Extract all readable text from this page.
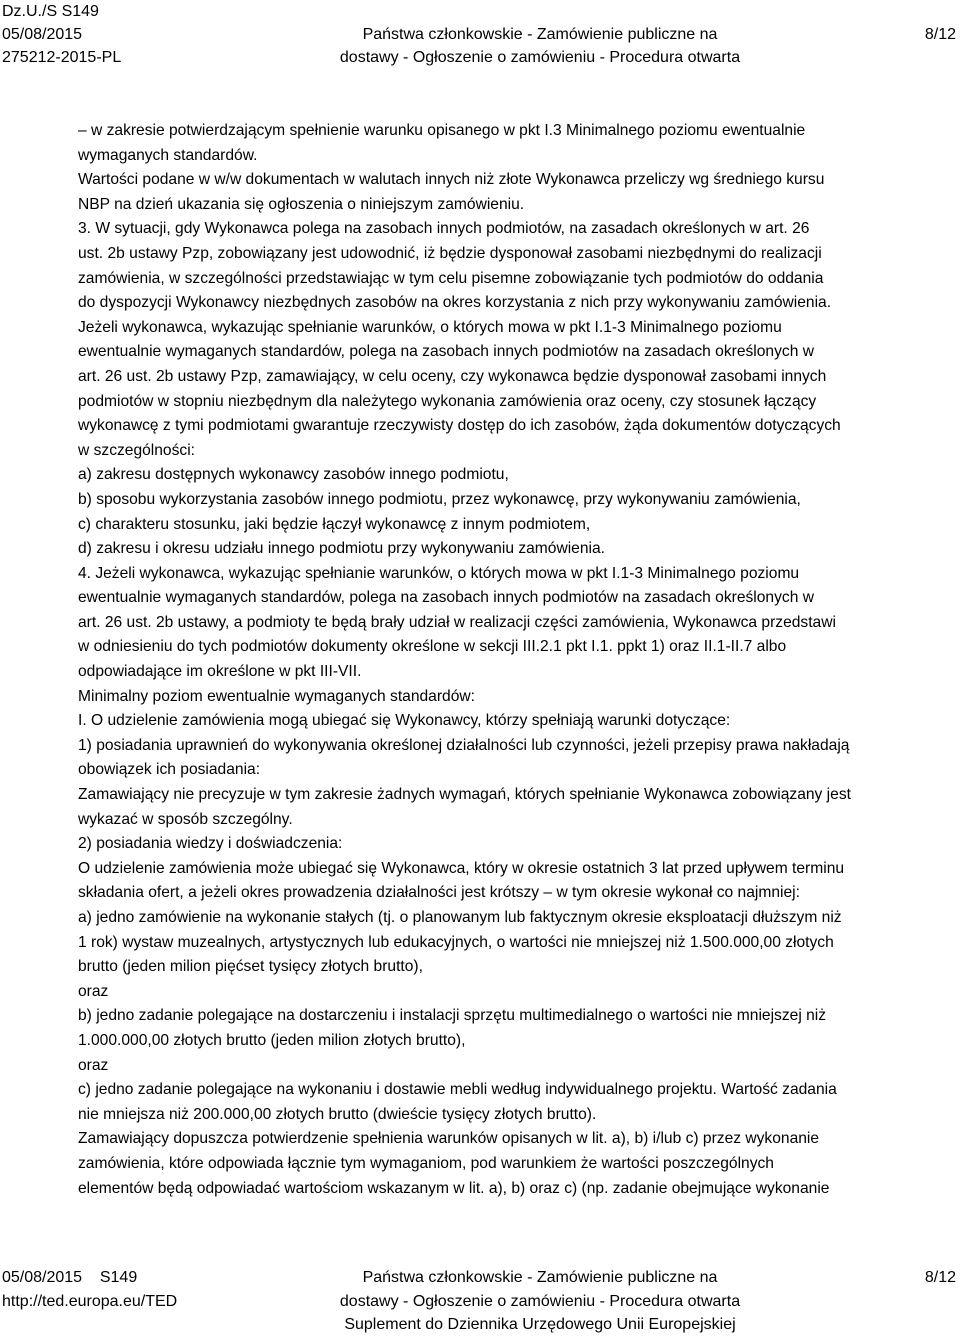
Dz.U./S S149
05/08/2015
275212-2015-PL
Państwa członkowskie - Zamówienie publiczne na
dostawy - Ogłoszenie o zamówieniu - Procedura otwarta
8/12
– w zakresie potwierdzającym spełnienie warunku opisanego w pkt I.3 Minimalnego poziomu ewentualnie
wymaganych standardów.
Wartości podane w w/w dokumentach w walutach innych niż złote Wykonawca przeliczy wg średniego kursu
NBP na dzień ukazania się ogłoszenia o niniejszym zamówieniu.
3. W sytuacji, gdy Wykonawca polega na zasobach innych podmiotów, na zasadach określonych w art. 26
ust. 2b ustawy Pzp, zobowiązany jest udowodnić, iż będzie dysponował zasobami niezbędnymi do realizacji
zamówienia, w szczególności przedstawiając w tym celu pisemne zobowiązanie tych podmiotów do oddania
do dyspozycji Wykonawcy niezbędnych zasobów na okres korzystania z nich przy wykonywaniu zamówienia.
Jeżeli wykonawca, wykazując spełnianie warunków, o których mowa w pkt I.1-3 Minimalnego poziomu
ewentualnie wymaganych standardów, polega na zasobach innych podmiotów na zasadach określonych w
art. 26 ust. 2b ustawy Pzp, zamawiający, w celu oceny, czy wykonawca będzie dysponował zasobami innych
podmiotów w stopniu niezbędnym dla należytego wykonania zamówienia oraz oceny, czy stosunek łączący
wykonawcę z tymi podmiotami gwarantuje rzeczywisty dostęp do ich zasobów, żąda dokumentów dotyczących
w szczególności:
a) zakresu dostępnych wykonawcy zasobów innego podmiotu,
b) sposobu wykorzystania zasobów innego podmiotu, przez wykonawcę, przy wykonywaniu zamówienia,
c) charakteru stosunku, jaki będzie łączył wykonawcę z innym podmiotem,
d) zakresu i okresu udziału innego podmiotu przy wykonywaniu zamówienia.
4. Jeżeli wykonawca, wykazując spełnianie warunków, o których mowa w pkt I.1-3 Minimalnego poziomu
ewentualnie wymaganych standardów, polega na zasobach innych podmiotów na zasadach określonych w
art. 26 ust. 2b ustawy, a podmioty te będą brały udział w realizacji części zamówienia, Wykonawca przedstawi
w odniesieniu do tych podmiotów dokumenty określone w sekcji III.2.1 pkt I.1. ppkt 1) oraz II.1-II.7 albo
odpowiadające im określone w pkt III-VII.
Minimalny poziom ewentualnie wymaganych standardów:
I. O udzielenie zamówienia mogą ubiegać się Wykonawcy, którzy spełniają warunki dotyczące:
1) posiadania uprawnień do wykonywania określonej działalności lub czynności, jeżeli przepisy prawa nakładają
obowiązek ich posiadania:
Zamawiający nie precyzuje w tym zakresie żadnych wymagań, których spełnianie Wykonawca zobowiązany jest
wykazać w sposób szczególny.
2) posiadania wiedzy i doświadczenia:
O udzielenie zamówienia może ubiegać się Wykonawca, który w okresie ostatnich 3 lat przed upływem terminu
składania ofert, a jeżeli okres prowadzenia działalności jest krótszy – w tym okresie wykonał co najmniej:
a) jedno zamówienie na wykonanie stałych (tj. o planowanym lub faktycznym okresie eksploatacji dłuższym niż
1 rok) wystaw muzealnych, artystycznych lub edukacyjnych, o wartości nie mniejszej niż 1.500.000,00 złotych
brutto (jeden milion pięćset tysięcy złotych brutto),
oraz
b) jedno zadanie polegające na dostarczeniu i instalacji sprzętu multimedialnego o wartości nie mniejszej niż
1.000.000,00 złotych brutto (jeden milion złotych brutto),
oraz
c) jedno zadanie polegające na wykonaniu i dostawie mebli według indywidualnego projektu. Wartość zadania
nie mniejsza niż 200.000,00 złotych brutto (dwieście tysięcy złotych brutto).
Zamawiający dopuszcza potwierdzenie spełnienia warunków opisanych w lit. a), b) i/lub c) przez wykonanie
zamówienia, które odpowiada łącznie tym wymaganiom, pod warunkiem że wartości poszczególnych
elementów będą odpowiadać wartościom wskazanym w lit. a), b) oraz c) (np. zadanie obejmujące wykonanie
05/08/2015    S149
http://ted.europa.eu/TED
Państwa członkowskie - Zamówienie publiczne na
dostawy - Ogłoszenie o zamówieniu - Procedura otwarta
Suplement do Dziennika Urzędowego Unii Europejskiej
8/12
